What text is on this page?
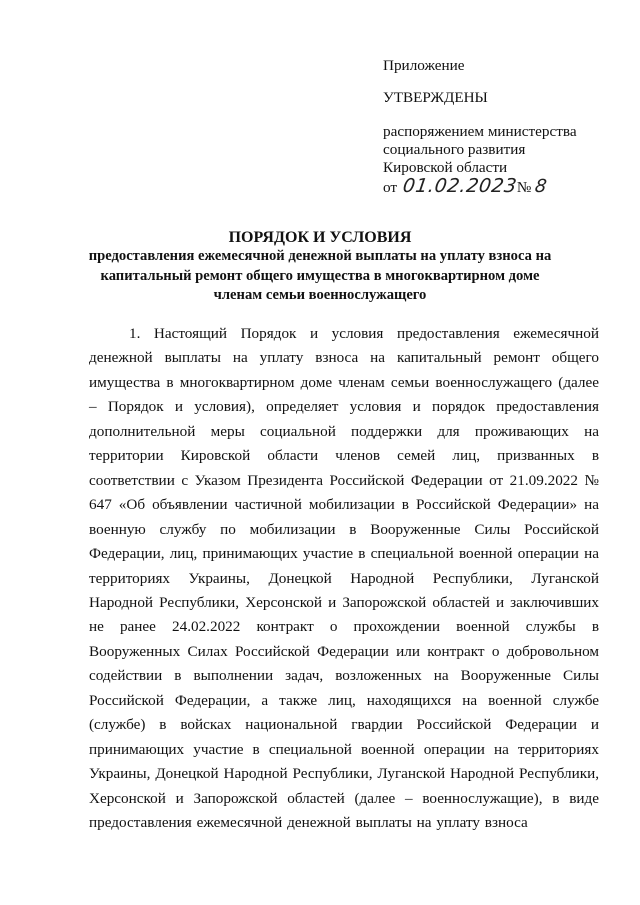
Приложение
УТВЕРЖДЕНЫ
распоряжением министерства
социального развития
Кировской области
от 01.02.2023
№ 8
ПОРЯДОК И УСЛОВИЯ
предоставления ежемесячной денежной выплаты на уплату взноса на капитальный ремонт общего имущества в многоквартирном доме членам семьи военнослужащего
1. Настоящий Порядок и условия предоставления ежемесячной денежной выплаты на уплату взноса на капитальный ремонт общего имущества в многоквартирном доме членам семьи военнослужащего (далее – Порядок и условия), определяет условия и порядок предоставления дополнительной меры социальной поддержки для проживающих на территории Кировской области членов семей лиц, призванных в соответствии с Указом Президента Российской Федерации от 21.09.2022 № 647 «Об объявлении частичной мобилизации в Российской Федерации» на военную службу по мобилизации в Вооруженные Силы Российской Федерации, лиц, принимающих участие в специальной военной операции на территориях Украины, Донецкой Народной Республики, Луганской Народной Республики, Херсонской и Запорожской областей и заключивших не ранее 24.02.2022 контракт о прохождении военной службы в Вооруженных Силах Российской Федерации или контракт о добровольном содействии в выполнении задач, возложенных на Вооруженные Силы Российской Федерации, а также лиц, находящихся на военной службе (службе) в войсках национальной гвардии Российской Федерации и принимающих участие в специальной военной операции на территориях Украины, Донецкой Народной Республики, Луганской Народной Республики, Херсонской и Запорожской областей (далее – военнослужащие), в виде предоставления ежемесячной денежной выплаты на уплату взноса
